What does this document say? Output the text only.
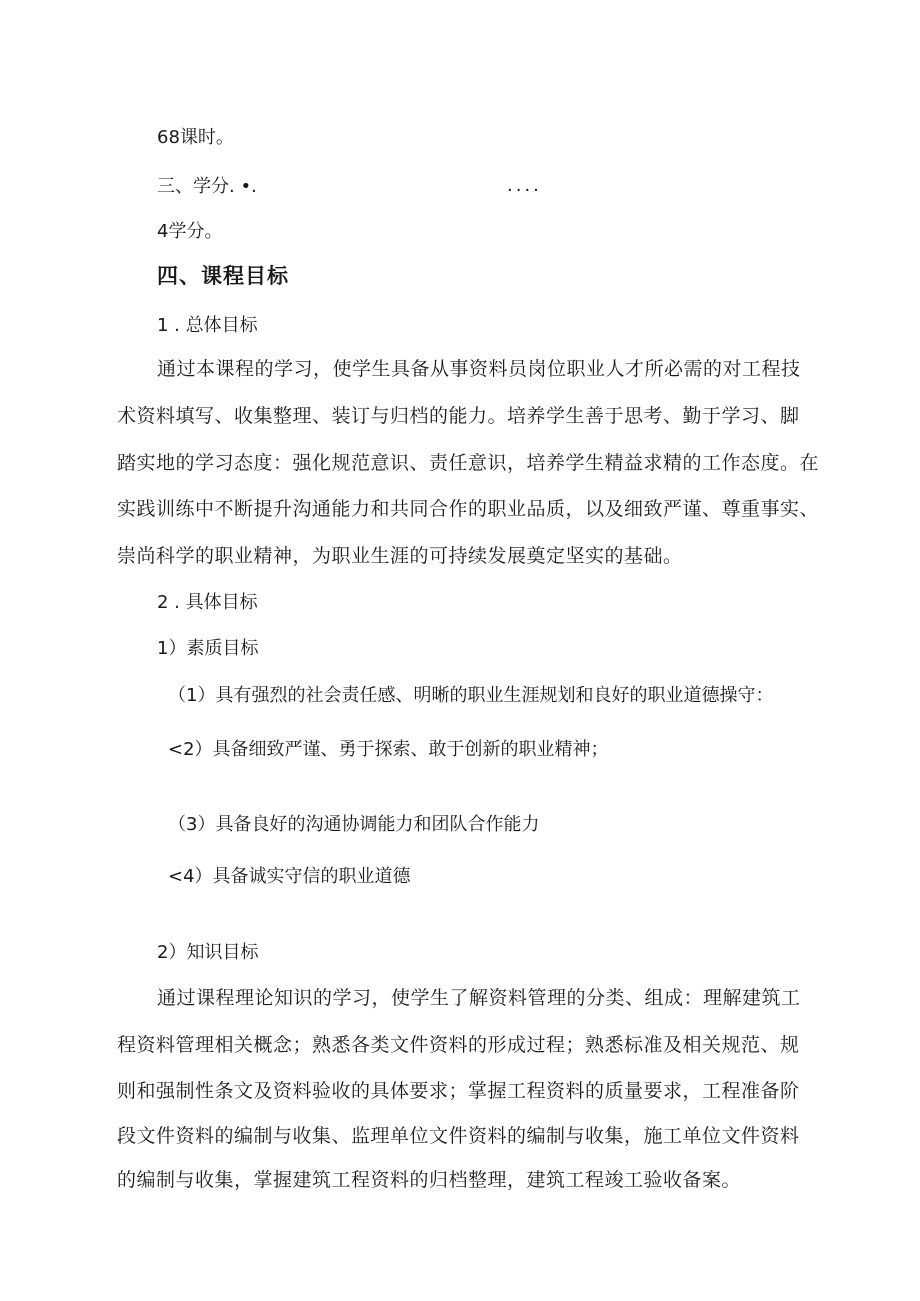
68课时。
三、学分. •.	....
4学分。
四、课程目标
1 . 总体目标
通过本课程的学习，使学生具备从事资料员岗位职业人才所必需的对工程技
术资料填写、收集整理、装订与归档的能力。培养学生善于思考、勤于学习、脚
踏实地的学习态度：强化规范意识、责任意识，培养学生精益求精的工作态度。在
实践训练中不断提升沟通能力和共同合作的职业品质，以及细致严谨、尊重事实、
崇尚科学的职业精神，为职业生涯的可持续发展奠定坚实的基础。
2 . 具体目标
1）素质目标
（1）具有强烈的社会责任感、明晰的职业生涯规划和良好的职业道德操守：
<2）具备细致严谨、勇于探索、敢于创新的职业精神；
（3）具备良好的沟通协调能力和团队合作能力
<4）具备诚实守信的职业道德
2）知识目标
通过课程理论知识的学习，使学生了解资料管理的分类、组成：理解建筑工
程资料管理相关概念；熟悉各类文件资料的形成过程；熟悉标准及相关规范、规
则和强制性条文及资料验收的具体要求；掌握工程资料的质量要求，工程准备阶
段文件资料的编制与收集、监理单位文件资料的编制与收集，施工单位文件资料
的编制与收集，掌握建筑工程资料的归档整理，建筑工程竣工验收备案。
